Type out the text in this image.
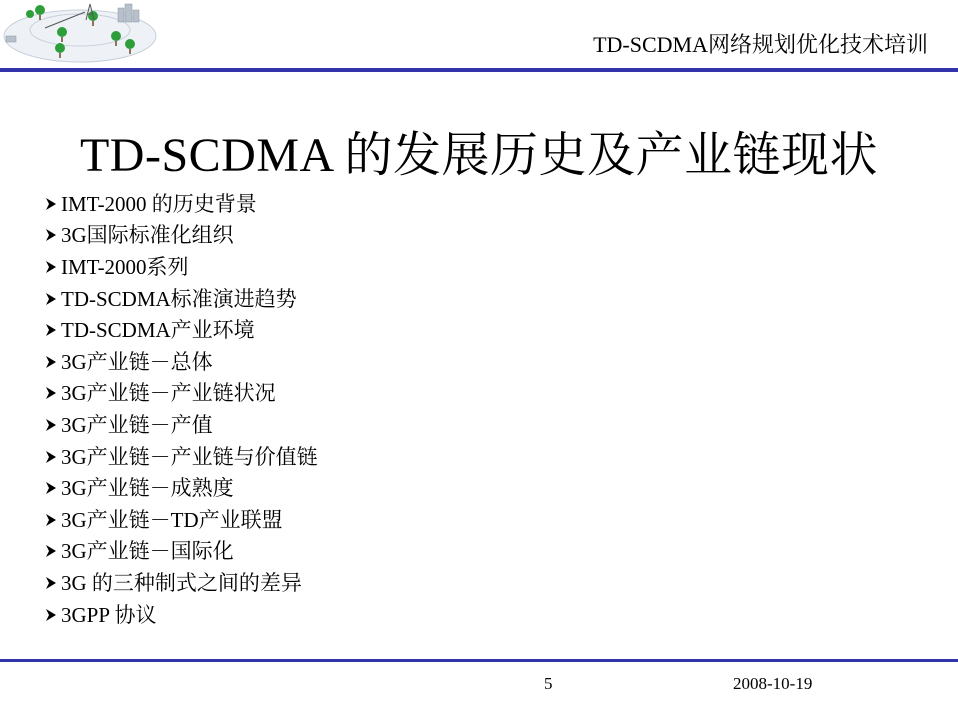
TD-SCDMA网络规划优化技术培训
TD-SCDMA 的发展历史及产业链现状
IMT-2000 的历史背景
3G国际标准化组织
IMT-2000系列
TD-SCDMA标准演进趋势
TD-SCDMA产业环境
3G产业链－总体
3G产业链－产业链状况
3G产业链－产值
3G产业链－产业链与价值链
3G产业链－成熟度
3G产业链－TD产业联盟
3G产业链－国际化
3G 的三种制式之间的差异
3GPP 协议
5	2008-10-19
